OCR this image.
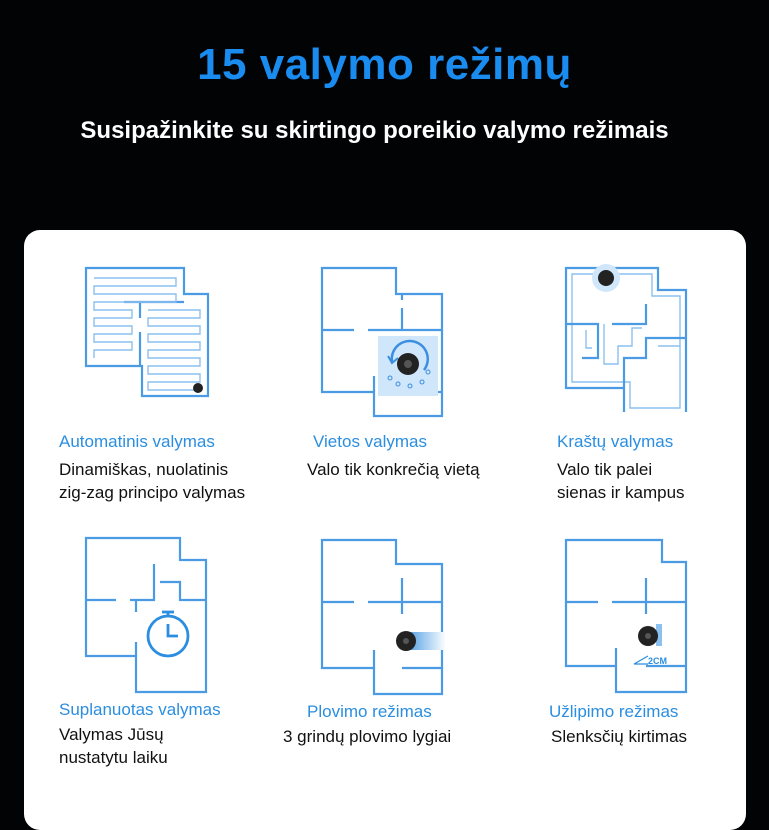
15 valymo režimų
Susipažinkite su skirtingo poreikio valymo režimais
Automatinis valymas
Dinamiškas, nuolatinis
zig-zag principo valymas
Vietos valymas
Valo tik konkrečią vietą
Kraštų valymas
Valo tik palei
sienas ir kampus
Suplanuotas valymas
Valymas Jūsų
nustatytu laiku
Plovimo režimas
3 grindų plovimo lygiai
2CM
Užlipimo režimas
Slenksčių kirtimas
